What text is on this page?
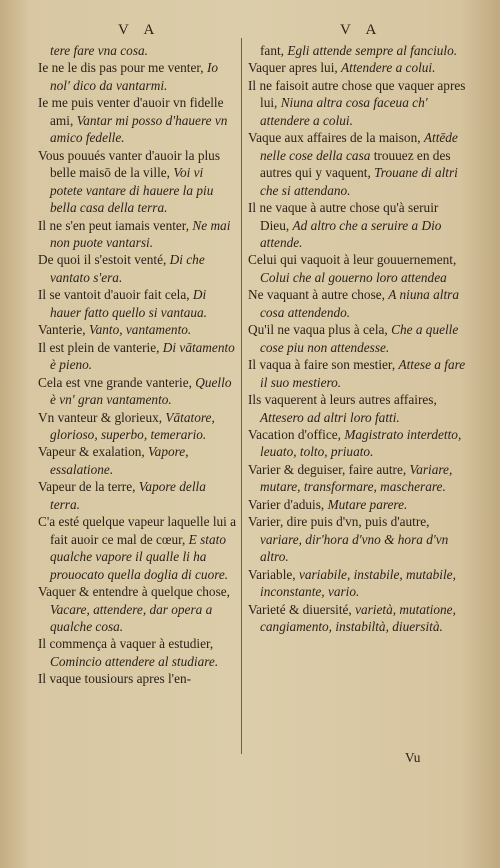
V A	V A

tere fare vna cosa.

Ie ne le dis pas pour me venter, Io nol' dico da vantarmi.

Ie me puis venter d'auoir vn fidelle ami, Vantar mi posso d'hauere vn amico fedelle.

Vous pouués vanter d'auoir la plus belle maisō de la ville, Voi vi potete vantare di hauere la piu bella casa della terra.

Il ne s'en peut iamais venter, Ne mai non puote vantarsi.

De quoi il s'estoit venté, Di che vantato s'era.

Il se vantoit d'auoir fait cela, Di hauer fatto quello si vantaua.

Vanterie, Vanto, vantamento.

Il est plein de vanterie, Di vātamento è pieno.

Cela est vne grande vanterie, Quello è vn' gran vantamento.

Vn vanteur & glorieux, Vātatore, glorioso, superbo, temerario.

Vapeur & exalation, Vapore, essalatione.

Vapeur de la terre, Vapore della terra.

C'a esté quelque vapeur laquelle lui a fait auoir ce mal de cœur, E stato qualche vapore il qualle li ha prouocato quella doglia di cuore.

Vaquer & entendre à quelque chose, Vacare, attendere, dar opera a qualche cosa.

Il commença à vaquer à estudier, Comincio attendere al studiare.

Il vaque tousiours apres l'en-

fant, Egli attende sempre al fanciulo.

Vaquer apres lui, Attendere a colui.

Il ne faisoit autre chose que vaquer apres lui, Niuna altra cosa faceua ch' attendere a colui.

Vaque aux affaires de la maison, Attēde nelle cose della casa trouuez en des autres qui y vaquent, Trouane di altri che si attendano.

Il ne vaque à autre chose qu'à seruir Dieu, Ad altro che a seruire a Dio attende.

Celui qui vaquoit à leur gouuernement, Colui che al gouerno loro attendea

Ne vaquant à autre chose, A niuna altra cosa attendendo.

Qu'il ne vaqua plus à cela, Che a quelle cose piu non attendesse.

Il vaqua à faire son mestier, Attese a fare il suo mestiero.

Ils vaquerent à leurs autres affaires, Attesero ad altri loro fatti.

Vacation d'office, Magistrato interdetto, leuato, tolto, priuato.

Varier & deguiser, faire autre, Variare, mutare, transformare, mascherare.

Varier d'aduis, Mutare parere.

Varier, dire puis d'vn, puis d'autre, variare, dir'hora d'vno & hora d'vn altro.

Variable, variabile, instabile, mutabile, inconstante, vario.

Varieté & diuersité, varietà, mutatione, cangiamento, instabiltà, diuersità.

Vu
